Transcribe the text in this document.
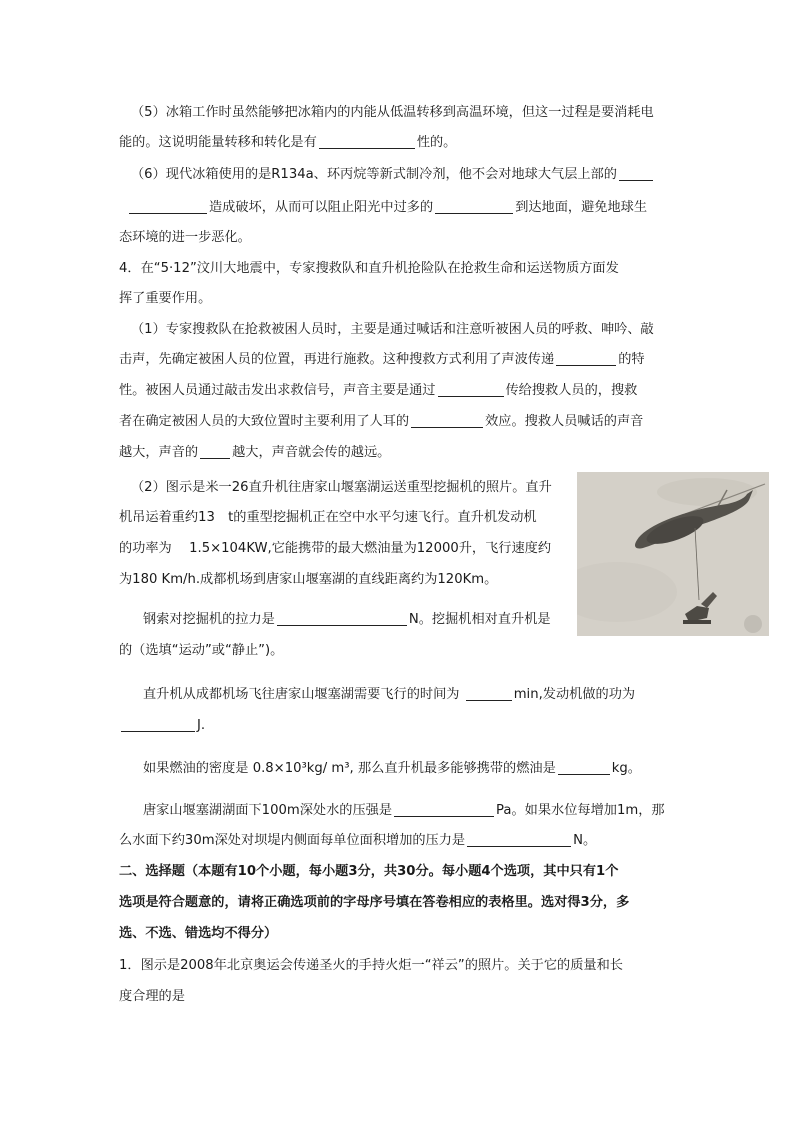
（5）冰箱工作时虽然能够把冰箱内的内能从低温转移到高温环境，但这一过程是要消耗电
能的。这说明能量转移和转化是有	性的。
（6）现代冰箱使用的是R134a、环丙烷等新式制冷剂，他不会对地球大气层上部的
造成破坏，从而可以阻止阳光中过多的	到达地面，避免地球生
态环境的进一步恶化。
4．在“5·12”汶川大地震中，专家搜救队和直升机抢险队在抢救生命和运送物质方面发
挥了重要作用。
（1）专家搜救队在抢救被困人员时，主要是通过喊话和注意听被困人员的呼救、呻吟、敲
击声，先确定被困人员的位置，再进行施救。这种搜救方式利用了声波传递	的特
性。被困人员通过敲击发出求救信号，声音主要是通过	传给搜救人员的，搜救
者在确定被困人员的大致位置时主要利用了人耳的	效应。搜救人员喊话的声音
越大，声音的	越大，声音就会传的越远。
（2）图示是米一26直升机往唐家山堰塞湖运送重型挖掘机的照片。直升
机吊运着重约13　t的重型挖掘机正在空中水平匀速飞行。直升机发动机
的功率为　 1.5×104KW,它能携带的最大燃油量为12000升，飞行速度约
为180 Km/h.成都机场到唐家山堰塞湖的直线距离约为120Km。
钢索对挖掘机的拉力是	N。挖掘机相对直升机是
的（选填“运动”或“静止”)。
直升机从成都机场飞往唐家山堰塞湖需要飞行的时间为	min,发动机做的功为
J.
如果燃油的密度是 0.8×10³kg/ m³, 那么直升机最多能够携带的燃油是	kg。
唐家山堰塞湖湖面下100m深处水的压强是	Pa。如果水位每增加1m，那
么水面下约30m深处对坝堤内侧面每单位面积增加的压力是	N。
二、选择题（本题有10个小题，每小题3分，共30分。每小题4个选项，其中只有1个
选项是符合题意的，请将正确选项前的字母序号填在答卷相应的表格里。选对得3分，多
选、不选、错选均不得分）
1．图示是2008年北京奥运会传递圣火的手持火炬一“祥云”的照片。关于它的质量和长
度合理的是
